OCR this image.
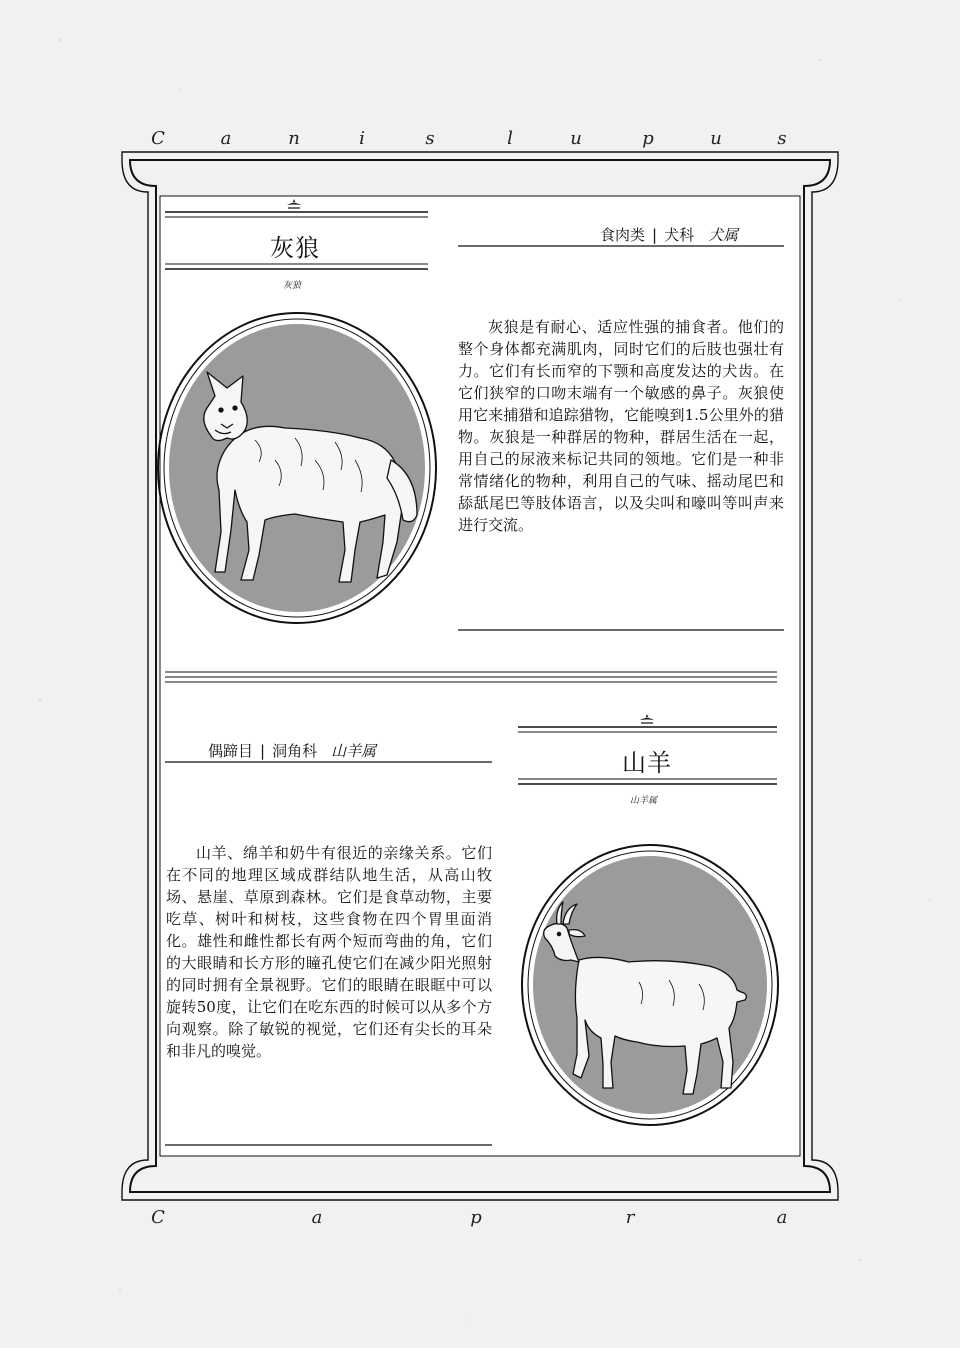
C	a	n	i	s	l	u	p	u	s
C	a	p	r	a
灰狼
灰狼
食肉类 | 犬科 犬属
灰狼是有耐心、适应性强的捕食者。他们的整个身体都充满肌肉，同时它们的后肢也强壮有力。它们有长而窄的下颚和高度发达的犬齿。在它们狭窄的口吻末端有一个敏感的鼻子。灰狼使用它来捕猎和追踪猎物，它能嗅到1.5公里外的猎物。灰狼是一种群居的物种，群居生活在一起，用自己的尿液来标记共同的领地。它们是一种非常情绪化的物种，利用自己的气味、摇动尾巴和舔舐尾巴等肢体语言，以及尖叫和嚎叫等叫声来进行交流。
山羊
山羊属
偶蹄目 | 洞角科 山羊属
山羊、绵羊和奶牛有很近的亲缘关系。它们在不同的地理区域成群结队地生活，从高山牧场、悬崖、草原到森林。它们是食草动物，主要吃草、树叶和树枝，这些食物在四个胃里面消化。雄性和雌性都长有两个短而弯曲的角，它们的大眼睛和长方形的瞳孔使它们在减少阳光照射的同时拥有全景视野。它们的眼睛在眼眶中可以旋转50度，让它们在吃东西的时候可以从多个方向观察。除了敏锐的视觉，它们还有尖长的耳朵和非凡的嗅觉。
